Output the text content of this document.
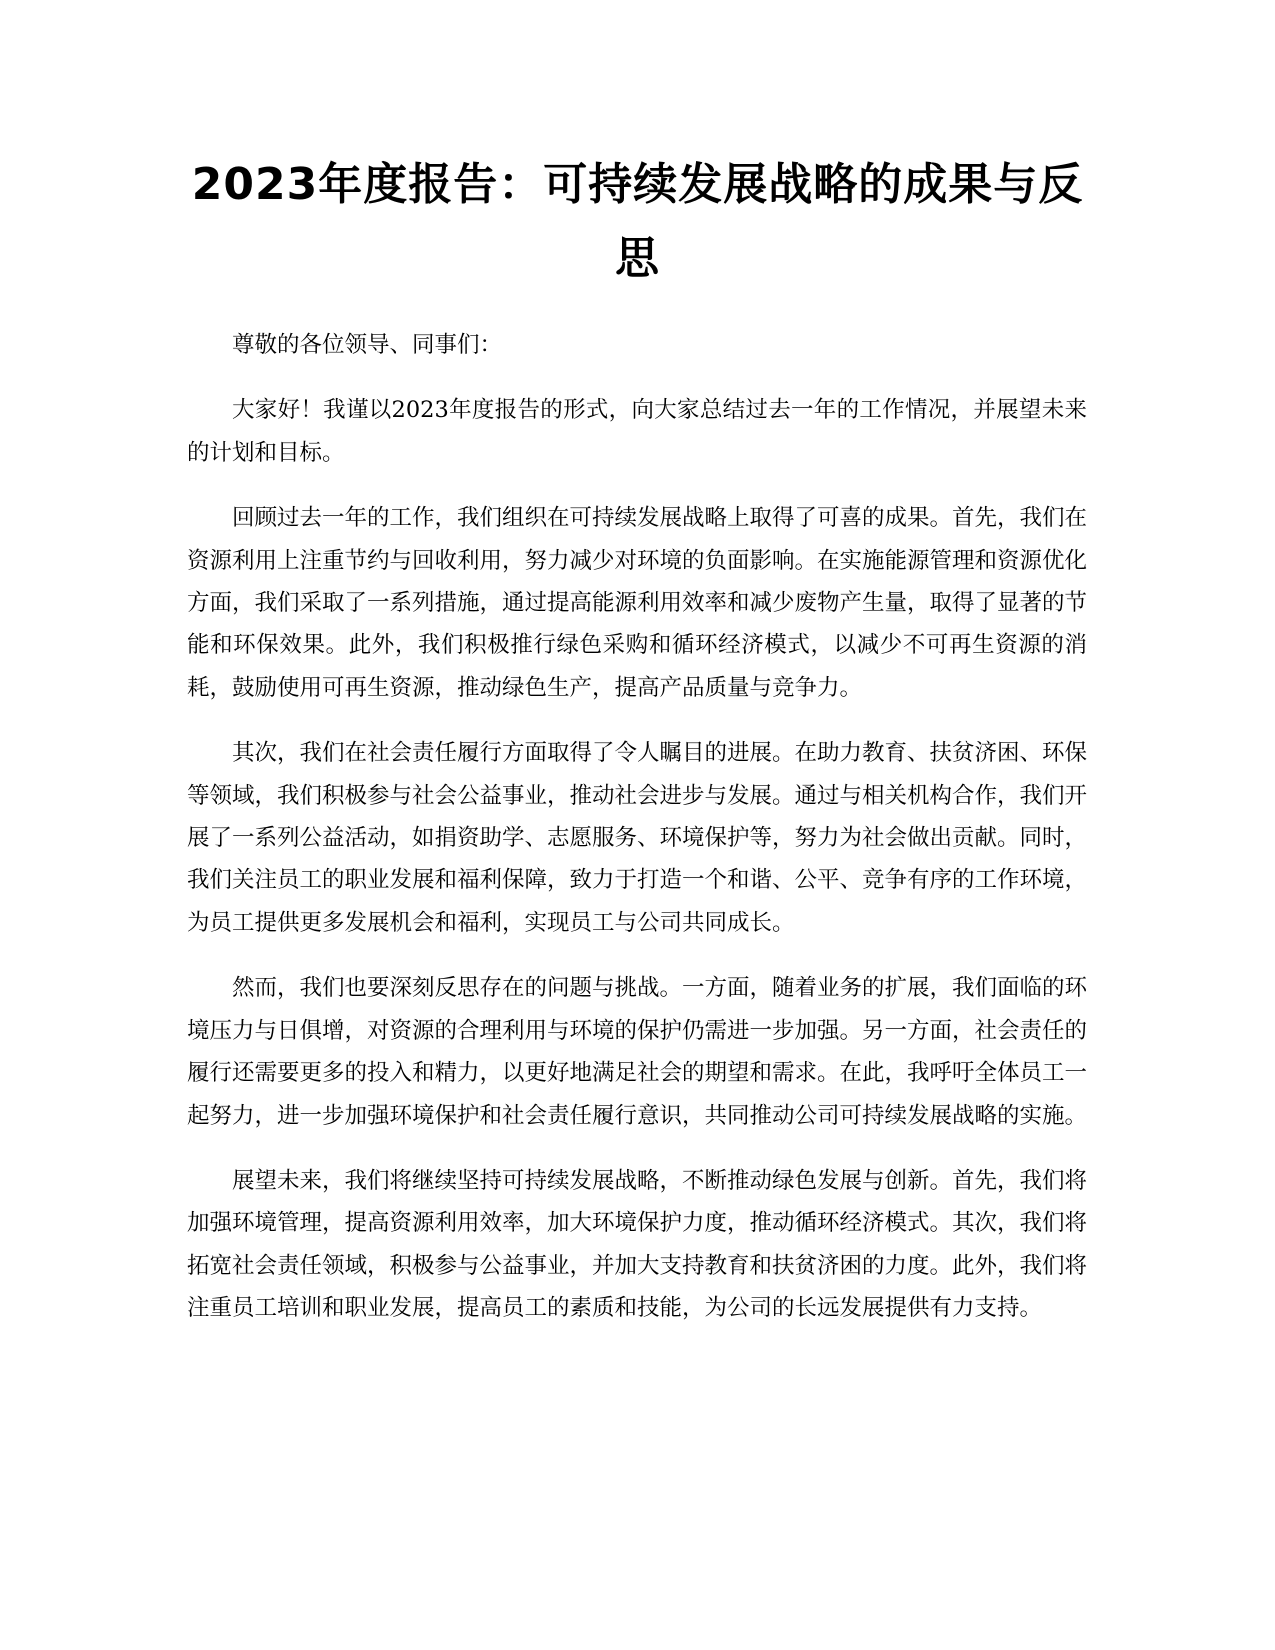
2023年度报告：可持续发展战略的成果与反思

尊敬的各位领导、同事们：

大家好！我谨以2023年度报告的形式，向大家总结过去一年的工作情况，并展望未来的计划和目标。

回顾过去一年的工作，我们组织在可持续发展战略上取得了可喜的成果。首先，我们在资源利用上注重节约与回收利用，努力减少对环境的负面影响。在实施能源管理和资源优化方面，我们采取了一系列措施，通过提高能源利用效率和减少废物产生量，取得了显著的节能和环保效果。此外，我们积极推行绿色采购和循环经济模式，以减少不可再生资源的消耗，鼓励使用可再生资源，推动绿色生产，提高产品质量与竞争力。

其次，我们在社会责任履行方面取得了令人瞩目的进展。在助力教育、扶贫济困、环保等领域，我们积极参与社会公益事业，推动社会进步与发展。通过与相关机构合作，我们开展了一系列公益活动，如捐资助学、志愿服务、环境保护等，努力为社会做出贡献。同时，我们关注员工的职业发展和福利保障，致力于打造一个和谐、公平、竞争有序的工作环境，为员工提供更多发展机会和福利，实现员工与公司共同成长。

然而，我们也要深刻反思存在的问题与挑战。一方面，随着业务的扩展，我们面临的环境压力与日俱增，对资源的合理利用与环境的保护仍需进一步加强。另一方面，社会责任的履行还需要更多的投入和精力，以更好地满足社会的期望和需求。在此，我呼吁全体员工一起努力，进一步加强环境保护和社会责任履行意识，共同推动公司可持续发展战略的实施。

展望未来，我们将继续坚持可持续发展战略，不断推动绿色发展与创新。首先，我们将加强环境管理，提高资源利用效率，加大环境保护力度，推动循环经济模式。其次，我们将拓宽社会责任领域，积极参与公益事业，并加大支持教育和扶贫济困的力度。此外，我们将注重员工培训和职业发展，提高员工的素质和技能，为公司的长远发展提供有力支持。
